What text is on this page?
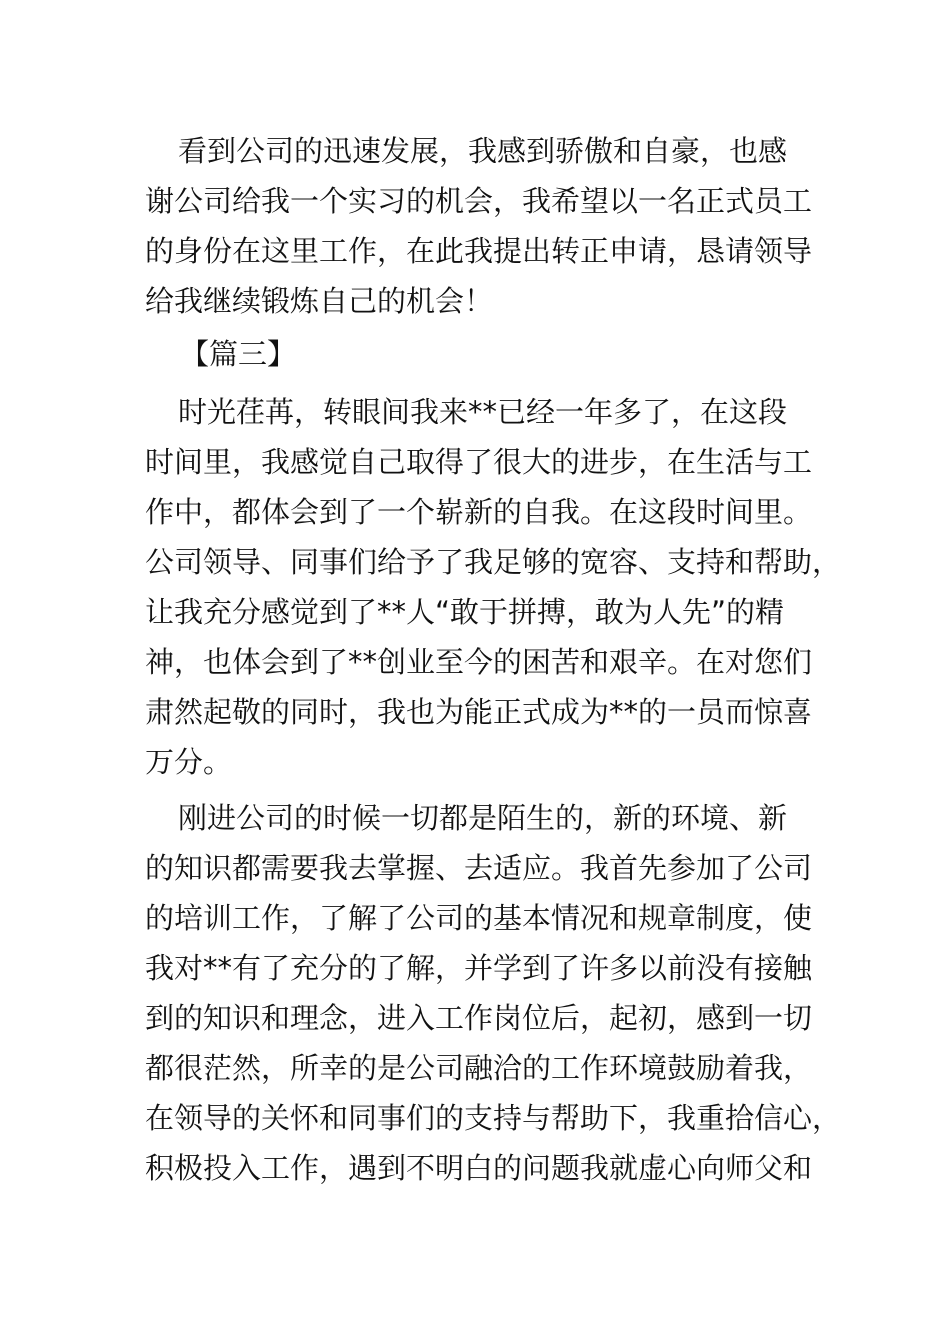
看到公司的迅速发展，我感到骄傲和自豪，也感
谢公司给我一个实习的机会，我希望以一名正式员工
的身份在这里工作，在此我提出转正申请，恳请领导
给我继续锻炼自己的机会！
【篇三】
时光荏苒，转眼间我来**已经一年多了，在这段
时间里，我感觉自己取得了很大的进步，在生活与工
作中，都体会到了一个崭新的自我。在这段时间里。
公司领导、同事们给予了我足够的宽容、支持和帮助，
让我充分感觉到了**人“敢于拼搏，敢为人先”的精
神，也体会到了**创业至今的困苦和艰辛。在对您们
肃然起敬的同时，我也为能正式成为**的一员而惊喜
万分。
刚进公司的时候一切都是陌生的，新的环境、新
的知识都需要我去掌握、去适应。我首先参加了公司
的培训工作，了解了公司的基本情况和规章制度，使
我对**有了充分的了解，并学到了许多以前没有接触
到的知识和理念，进入工作岗位后，起初，感到一切
都很茫然，所幸的是公司融洽的工作环境鼓励着我，
在领导的关怀和同事们的支持与帮助下，我重拾信心，
积极投入工作，遇到不明白的问题我就虚心向师父和
